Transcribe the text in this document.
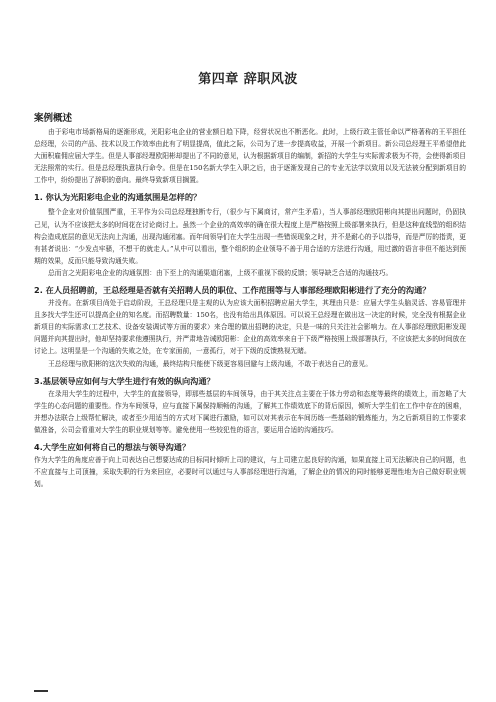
第四章 辞职风波

案例概述

由于彩电市场新格局的逐渐形成，光阳彩电企业的营业额日趋下降，经营状况也不断恶化。此时，上级行政主管任命以严格著称的王平担任总经理，公司的产品、技术以及工作效率由此有了明显提高，值此之际，公司为了进一步提高收益，开展一个新项目。新公司总经理王平希望借此大面积雇佣应届大学生。但是人事部经理欧阳彬却提出了不同的意见，认为根据新项目的编制，新招的大学生与实际需求极为不符，会使得新项目无法照常的实行。但是总经理执意执行命令。但是在150名新大学生入职之后，由于逐渐发现自己的专业无法学以致用以及无法被分配到新项目的工作中，纷纷提出了辞职的意向。最终导致新项目搁置。

1. 你认为光阳彩电企业的沟通氛围是怎样的？

整个企业对价值氛围严重，王平作为公司总经理独断专行，（很少与下属商讨，常产生矛盾），当人事部经理欧阳彬向其提出问题时，仍固执己见，认为不应该把太多的时间花在讨论商讨上。虽然一个企业的高效率的确在很大程度上是严格按照上级部署来执行，但是这种直线型的组织结构会造成底层的意见无法向上沟通，出现沟通闭塞。而年间领导们在大学生出现一些错误现象之时，并不是耐心的予以指导，而是严厉的指责，更有甚者说出：“少发点牢骚，不想干的就走人。”从中可以看出，整个组织的企业领导不善于用合适的方法进行沟通，用过激的语言非但不能达到预期的效果，反而只能导致沟通失败。

总而言之光阳彩电企业的沟通氛围：由下至上的沟通渠道闭塞，上级不重视下级的反馈；领导缺乏合适的沟通技巧。

2. 在人员招聘前，王总经理是否就有关招聘人员的职位、工作范围等与人事部经理欧阳彬进行了充分的沟通？

并没有。在新项目尚处于启动阶段，王总经理只是主观的认为应该大面积招聘应届大学生，其理由只是：应届大学生头脑灵活、容易管理并且多找大学生还可以提高企业的知名度。而招聘数量：150名，也没有给出具体原因。可以说王总经理在做出这一决定的时候，完全没有根据企业新项目的实际需求(工艺技术、设备安装调试等方面的要求）来合理的做出招聘的决定，只是一味的只关注社会影响力。在人事部经理欧阳彬发现问题并向其提出时，他却坚持要求他遵照执行，并严肃地告诫欧阳彬：企业的高效率来自于下级严格按照上级部署执行，不应该把太多的时间放在讨论上。这明显是一个沟通的失败之处，在专家面前，一意孤行，对于下级的反馈熟视无睹。

王总经理与欧阳彬的这次失败的沟通，最终结构只能使下级更容易回避与上级沟通，不敢于表达自己的意见。

3.基层领导应如何与大学生进行有效的纵向沟通？

在录用大学生的过程中，大学生的直接领导，即那些基层的车间领导，由于其关注点主要在于体力劳动和态度等最终的绩效上，而忽略了大学生的心态问题的重要性。作为车间领导，应与直接下属保持顺畅的沟通，了解其工作绩效底下的背后原因，倾听大学生们在工作中存在的困难，并想办法联合上级帮忙解决，或者至少用适当的方式对下属进行激励，如可以对其表示在车间历练一些基础的锻炼能力，为之后新项目的工作要求做准备，公司会看重对大学生的职业规划等等。避免使用一些较犯性的语言，要运用合适的沟通技巧。

4.大学生应如何将自己的想法与领导沟通？

作为大学生的角度应善于向上司表达自己想要达成的目标同时倾听上司的建议，与上司建立起良好的沟通，如果直接上司无法解决自己的问题，也不应直接与上司顶撞，采取失职的行为来回应，必要时可以通过与人事部经理进行沟通，了解企业的情况的同时能够更理性地为自己做好职业规划。
